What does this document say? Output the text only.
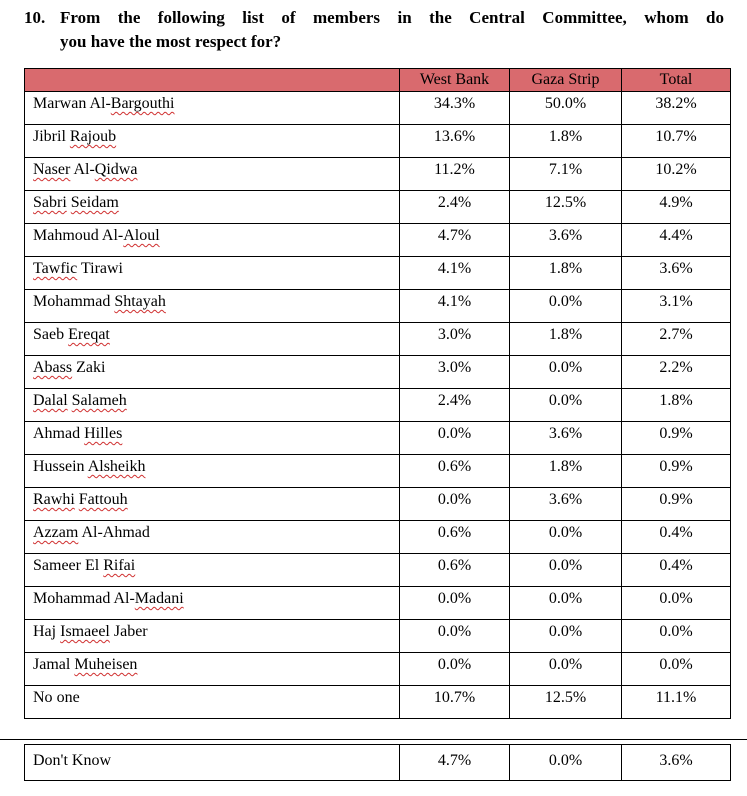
10. From the following list of members in the Central Committee, whom do
you have the most respect for?
	West Bank	Gaza Strip	Total
Marwan Al-Bargouthi	34.3%	50.0%	38.2%
Jibril Rajoub	13.6%	1.8%	10.7%
Naser Al-Qidwa	11.2%	7.1%	10.2%
Sabri Seidam	2.4%	12.5%	4.9%
Mahmoud Al-Aloul	4.7%	3.6%	4.4%
Tawfic Tirawi	4.1%	1.8%	3.6%
Mohammad Shtayah	4.1%	0.0%	3.1%
Saeb Ereqat	3.0%	1.8%	2.7%
Abass Zaki	3.0%	0.0%	2.2%
Dalal Salameh	2.4%	0.0%	1.8%
Ahmad Hilles	0.0%	3.6%	0.9%
Hussein Alsheikh	0.6%	1.8%	0.9%
Rawhi Fattouh	0.0%	3.6%	0.9%
Azzam Al-Ahmad	0.6%	0.0%	0.4%
Sameer El Rifai	0.6%	0.0%	0.4%
Mohammad Al-Madani	0.0%	0.0%	0.0%
Haj Ismaeel Jaber	0.0%	0.0%	0.0%
Jamal Muheisen	0.0%	0.0%	0.0%
No one	10.7%	12.5%	11.1%
Don't Know	4.7%	0.0%	3.6%
